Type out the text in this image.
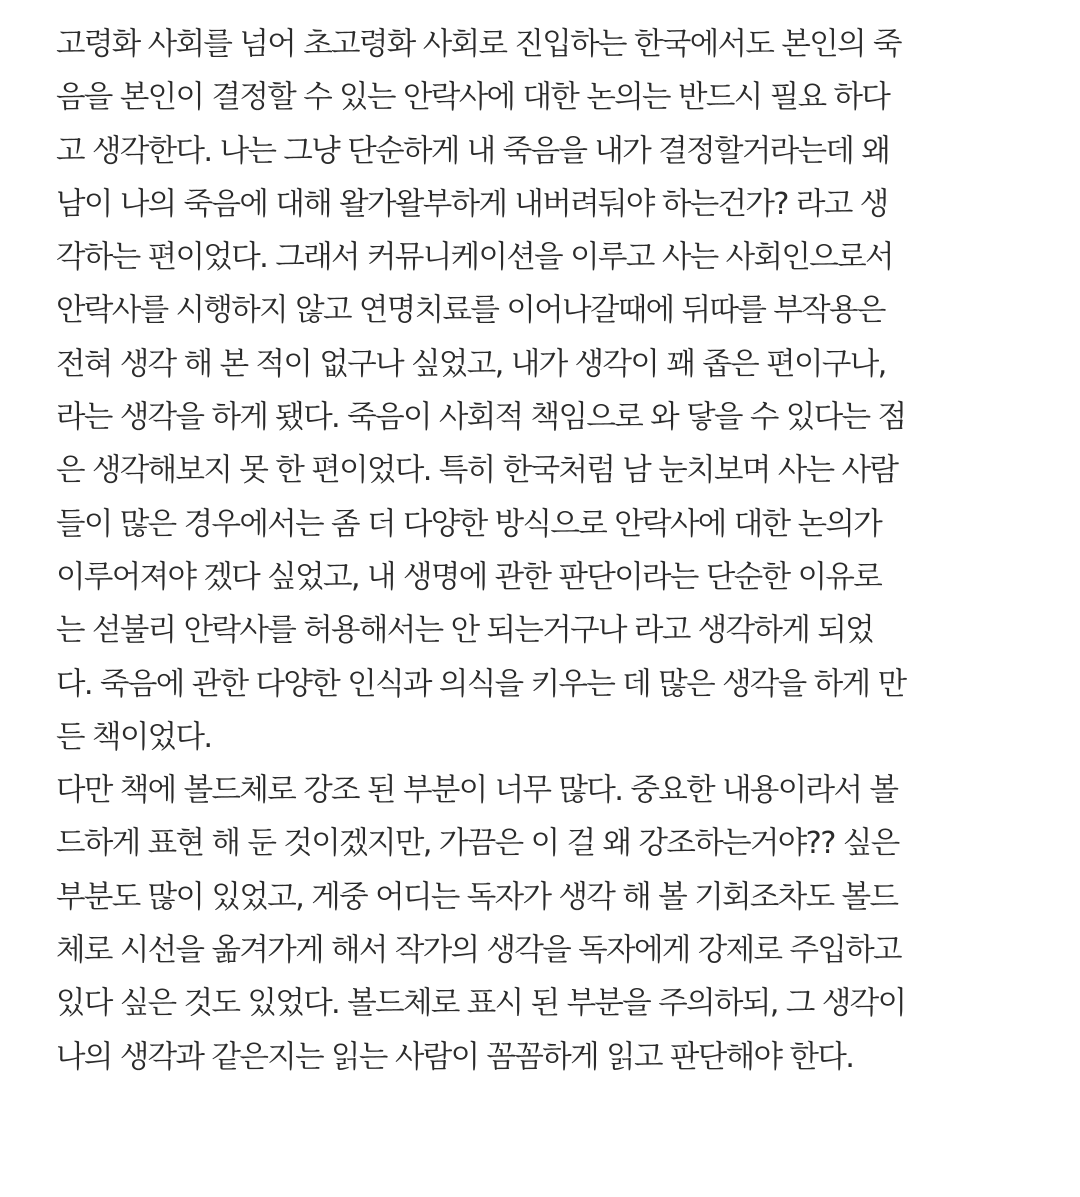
고령화 사회를 넘어 초고령화 사회로 진입하는 한국에서도 본인의 죽
음을 본인이 결정할 수 있는 안락사에 대한 논의는 반드시 필요 하다
고 생각한다. 나는 그냥 단순하게 내 죽음을 내가 결정할거라는데 왜
남이 나의 죽음에 대해 왈가왈부하게 내버려둬야 하는건가? 라고 생
각하는 편이었다. 그래서 커뮤니케이션을 이루고 사는 사회인으로서
안락사를 시행하지 않고 연명치료를 이어나갈때에 뒤따를 부작용은
전혀 생각 해 본 적이 없구나 싶었고, 내가 생각이 꽤 좁은 편이구나,
라는 생각을 하게 됐다. 죽음이 사회적 책임으로 와 닿을 수 있다는 점
은 생각해보지 못 한 편이었다. 특히 한국처럼 남 눈치보며 사는 사람
들이 많은 경우에서는 좀 더 다양한 방식으로 안락사에 대한 논의가
이루어져야 겠다 싶었고, 내 생명에 관한 판단이라는 단순한 이유로
는 섣불리 안락사를 허용해서는 안 되는거구나 라고 생각하게 되었
다. 죽음에 관한 다양한 인식과 의식을 키우는 데 많은 생각을 하게 만
든 책이었다.
다만 책에 볼드체로 강조 된 부분이 너무 많다. 중요한 내용이라서 볼
드하게 표현 해 둔 것이겠지만, 가끔은 이 걸 왜 강조하는거야?? 싶은
부분도 많이 있었고, 게중 어디는 독자가 생각 해 볼 기회조차도 볼드
체로 시선을 옮겨가게 해서 작가의 생각을 독자에게 강제로 주입하고
있다 싶은 것도 있었다. 볼드체로 표시 된 부분을 주의하되, 그 생각이
나의 생각과 같은지는 읽는 사람이 꼼꼼하게 읽고 판단해야 한다.
